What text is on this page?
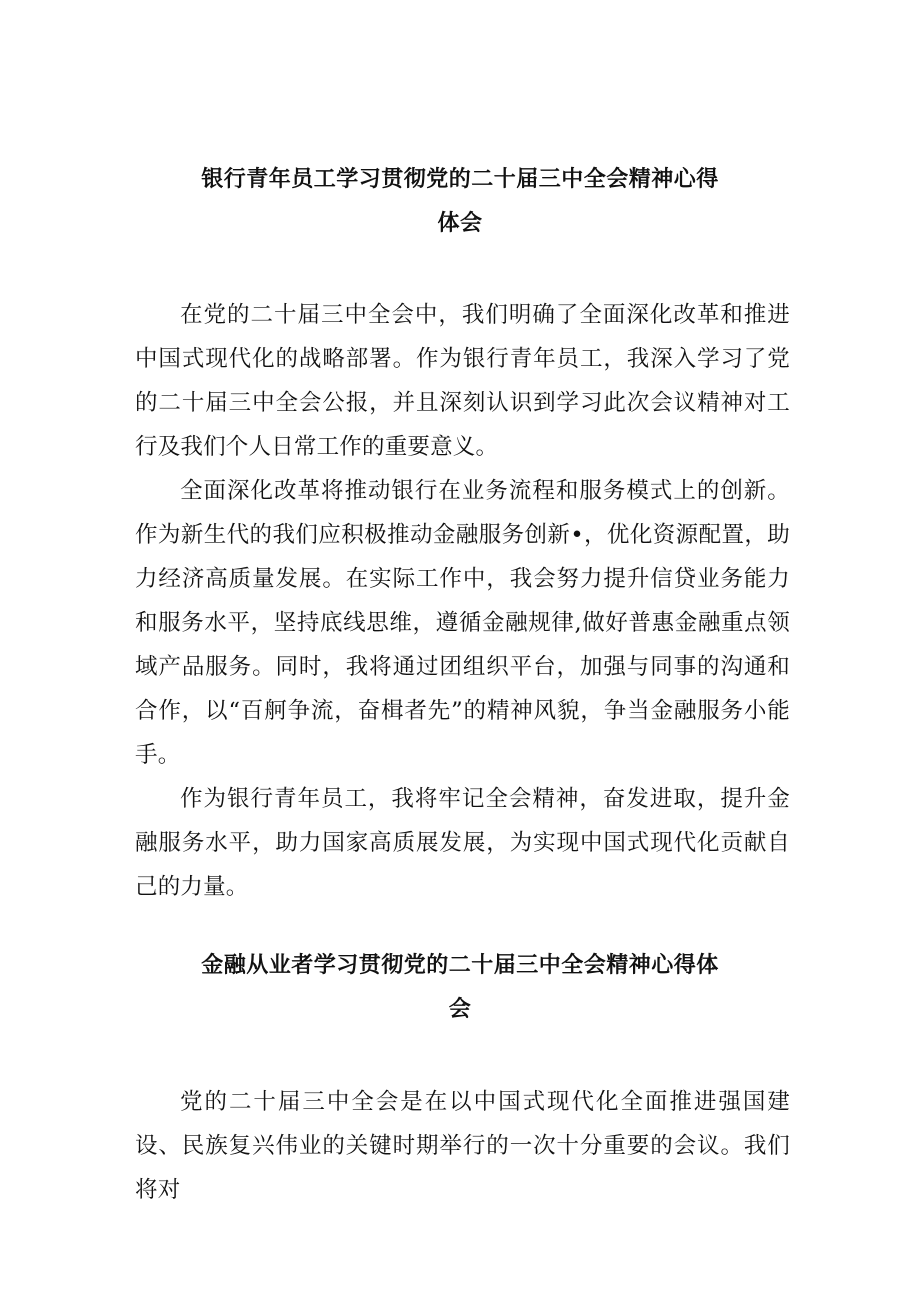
银行青年员工学习贯彻党的二十届三中全会精神心得
体会

在党的二十届三中全会中，我们明确了全面深化改革和推进中国式现代化的战略部署。作为银行青年员工，我深入学习了党的二十届三中全会公报，并且深刻认识到学习此次会议精神对工行及我们个人日常工作的重要意义。

全面深化改革将推动银行在业务流程和服务模式上的创新。作为新生代的我们应积极推动金融服务创新•，优化资源配置，助力经济高质量发展。在实际工作中，我会努力提升信贷业务能力和服务水平，坚持底线思维，遵循金融规律,做好普惠金融重点领域产品服务。同时，我将通过团组织平台，加强与同事的沟通和合作，以“百舸争流，奋楫者先”的精神风貌，争当金融服务小能手。

作为银行青年员工，我将牢记全会精神，奋发进取，提升金融服务水平，助力国家高质展发展，为实现中国式现代化贡献自己的力量。

金融从业者学习贯彻党的二十届三中全会精神心得体
会

党的二十届三中全会是在以中国式现代化全面推进强国建设、民族复兴伟业的关键时期举行的一次十分重要的会议。我们将对
